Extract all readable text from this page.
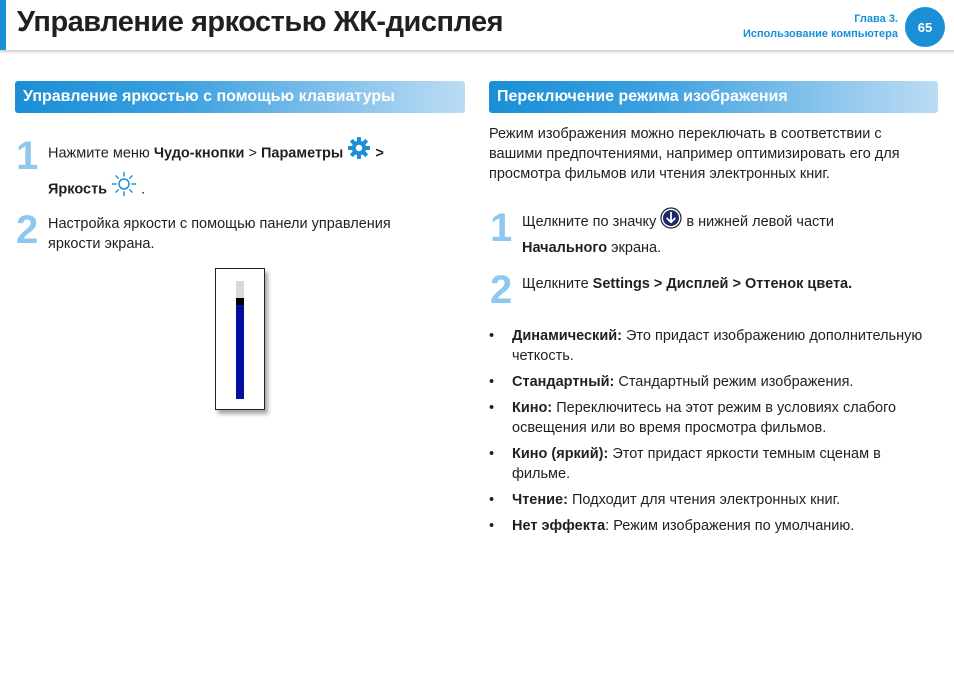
Управление яркостью ЖК-дисплея	Глава 3.
Использование компьютера	65
Управление яркостью с помощью клавиатуры
1 Нажмите меню Чудо-кнопки > Параметры  >
Яркость  .
2 Настройка яркости с помощью панели управления яркости экрана.
Переключение режима изображения
Режим изображения можно переключать в соответствии с вашими предпочтениями, например оптимизировать его для просмотра фильмов или чтения электронных книг.
1 Щелкните по значку  в нижней левой части
Начального экрана.
2 Щелкните Settings > Дисплей > Оттенок цвета.
• Динамический: Это придаст изображению дополнительную четкость.
• Стандартный: Стандартный режим изображения.
• Кино: Переключитесь на этот режим в условиях слабого освещения или во время просмотра фильмов.
• Кино (яркий): Этот придаст яркости темным сценам в фильме.
• Чтение: Подходит для чтения электронных книг.
• Нет эффекта: Режим изображения по умолчанию.
